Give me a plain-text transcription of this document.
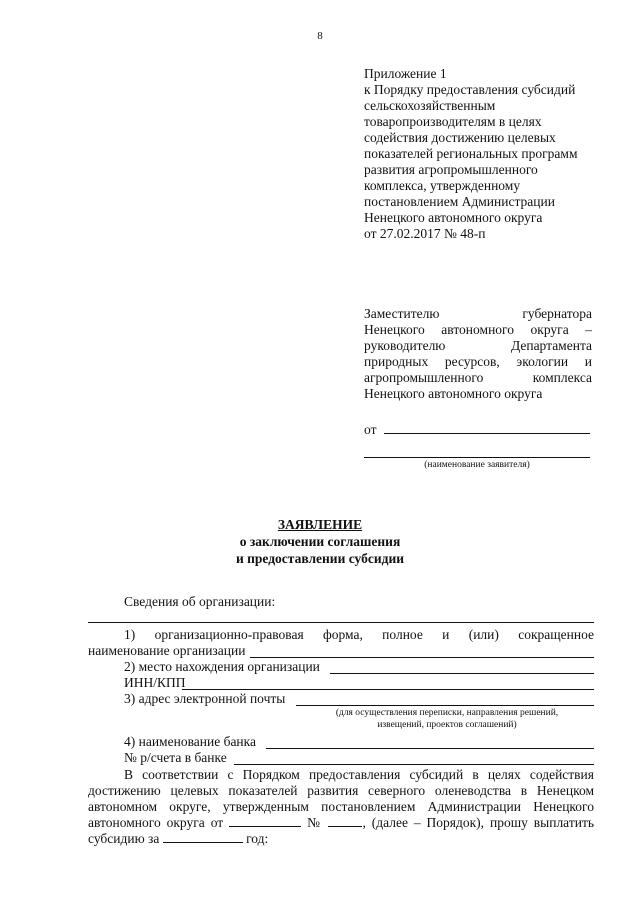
8
Приложение 1
к Порядку предоставления субсидий
сельскохозяйственным
товаропроизводителям в целях
содействия достижению целевых
показателей региональных программ
развития агропромышленного
комплекса, утвержденному
постановлением Администрации
Ненецкого автономного округа
от 27.02.2017 № 48-п
Заместителю губернатора
Ненецкого автономного округа –
руководителю Департамента
природных ресурсов, экологии и
агропромышленного комплекса
Ненецкого автономного округа
от
(наименование заявителя)
ЗАЯВЛЕНИЕ
о заключении соглашения
и предоставлении субсидии
Сведения об организации:
1) организационно-правовая форма, полное и (или) сокращенное
наименование организации
2) место нахождения организации
ИНН/КПП
3) адрес электронной почты
(для осуществления переписки, направления решений,
извещений, проектов соглашений)
4) наименование банка
№ р/счета в банке
В соответствии с Порядком предоставления субсидий в целях содействия
достижению целевых показателей развития северного оленеводства в Ненецком
автономном округе, утвержденным постановлением Администрации Ненецкого
автономного округа от	№	, (далее – Порядок), прошу выплатить
субсидию за	год:
